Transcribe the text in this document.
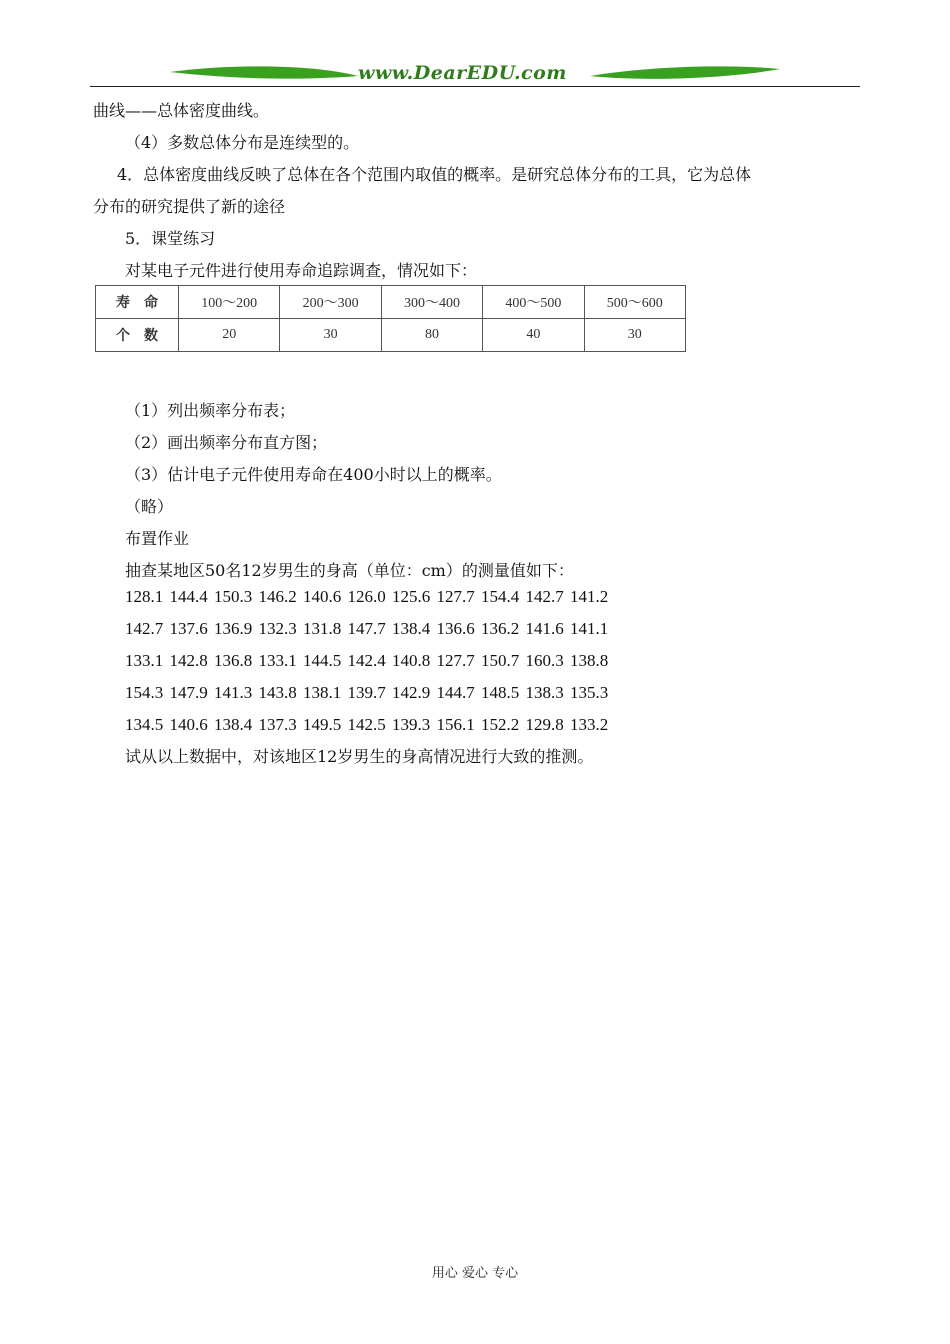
www.DearEDU.com
曲线——总体密度曲线。
（4）多数总体分布是连续型的。
4．总体密度曲线反映了总体在各个范围内取值的概率。是研究总体分布的工具，它为总体
分布的研究提供了新的途径
5．课堂练习
对某电子元件进行使用寿命追踪调查，情况如下：
寿命	100～200	200～300	300～400	400～500	500～600
个数	20	30	80	40	30
（1）列出频率分布表；
（2）画出频率分布直方图；
（3）估计电子元件使用寿命在400小时以上的概率。
（略）
布置作业
抽查某地区50名12岁男生的身高（单位：cm）的测量值如下：
128.1 144.4 150.3 146.2 140.6 126.0 125.6 127.7 154.4 142.7 141.2
142.7 137.6 136.9 132.3 131.8 147.7 138.4 136.6 136.2 141.6 141.1
133.1 142.8 136.8 133.1 144.5 142.4 140.8 127.7 150.7 160.3 138.8
154.3 147.9 141.3 143.8 138.1 139.7 142.9 144.7 148.5 138.3 135.3
134.5 140.6 138.4 137.3 149.5 142.5 139.3 156.1 152.2 129.8 133.2
试从以上数据中，对该地区12岁男生的身高情况进行大致的推测。
用心 爱心 专心
